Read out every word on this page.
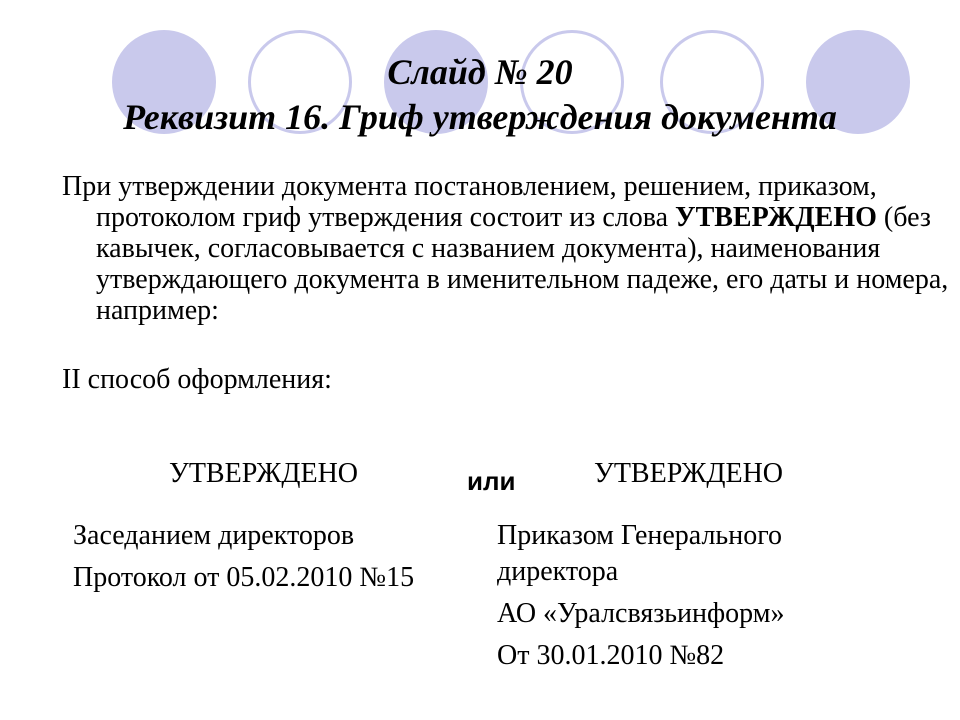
Слайд № 20
Реквизит 16. Гриф утверждения документа
При утверждении документа постановлением, решением, приказом, протоколом гриф утверждения состоит из слова УТВЕРЖДЕНО (без кавычек, согласовывается с названием документа), наименования утверждающего документа в именительном падеже, его даты и номера, например:
II способ оформления:
УТВЕРЖДЕНО	или	УТВЕРЖДЕНО
Заседанием директоров
Протокол от 05.02.2010 №15
Приказом Генерального
директора
АО «Уралсвязьинформ»
От 30.01.2010 №82
